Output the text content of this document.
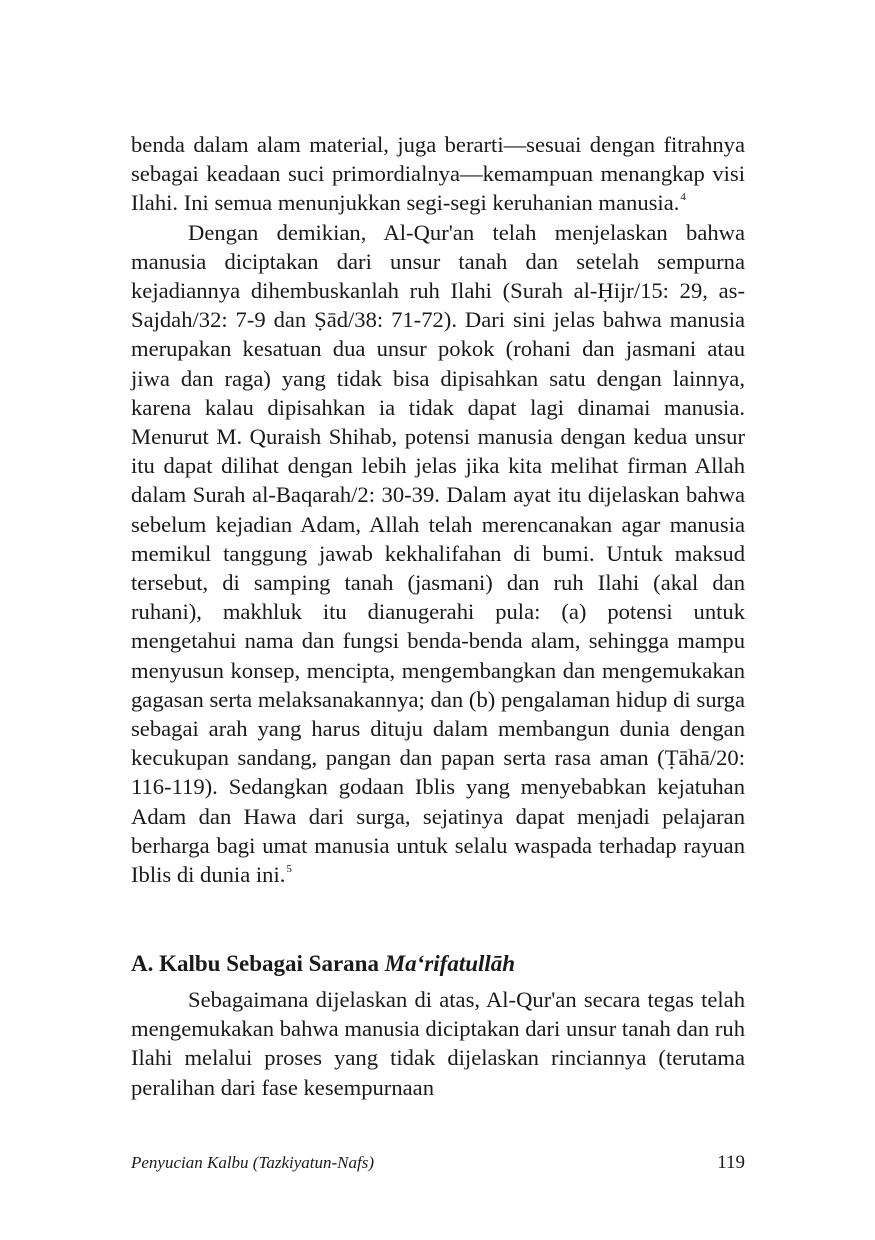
benda dalam alam material, juga berarti—sesuai dengan fitrahnya sebagai keadaan suci primordialnya—kemampuan menangkap visi Ilahi. Ini semua menunjukkan segi-segi keruhanian manusia.$^4$

Dengan demikian, Al-Qur'an telah menjelaskan bahwa manusia diciptakan dari unsur tanah dan setelah sempurna kejadiannya dihembuskanlah ruh Ilahi (Surah al-Ḥijr/15: 29, as-Sajdah/32: 7-9 dan Ṣād/38: 71-72). Dari sini jelas bahwa manusia merupakan kesatuan dua unsur pokok (rohani dan jasmani atau jiwa dan raga) yang tidak bisa dipisahkan satu dengan lainnya, karena kalau dipisahkan ia tidak dapat lagi dinamai manusia. Menurut M. Quraish Shihab, potensi manusia dengan kedua unsur itu dapat dilihat dengan lebih jelas jika kita melihat firman Allah dalam Surah al-Baqarah/2: 30-39. Dalam ayat itu dijelaskan bahwa sebelum kejadian Adam, Allah telah merencanakan agar manusia memikul tanggung jawab kekhalifahan di bumi. Untuk maksud tersebut, di samping tanah (jasmani) dan ruh Ilahi (akal dan ruhani), makhluk itu dianugerahi pula: (a) potensi untuk mengetahui nama dan fungsi benda-benda alam, sehingga mampu menyusun konsep, mencipta, mengembangkan dan mengemukakan gagasan serta melaksanakannya; dan (b) pengalaman hidup di surga sebagai arah yang harus dituju dalam membangun dunia dengan kecukupan sandang, pangan dan papan serta rasa aman (Ṭāhā/20: 116-119). Sedangkan godaan Iblis yang menyebabkan kejatuhan Adam dan Hawa dari surga, sejatinya dapat menjadi pelajaran berharga bagi umat manusia untuk selalu waspada terhadap rayuan Iblis di dunia ini.$^5$

A. Kalbu Sebagai Sarana Ma‘rifatullāh

Sebagaimana dijelaskan di atas, Al-Qur'an secara tegas telah mengemukakan bahwa manusia diciptakan dari unsur tanah dan ruh Ilahi melalui proses yang tidak dijelaskan rinciannya (terutama peralihan dari fase kesempurnaan

Penyucian Kalbu (Tazkiyatun-Nafs)	119
